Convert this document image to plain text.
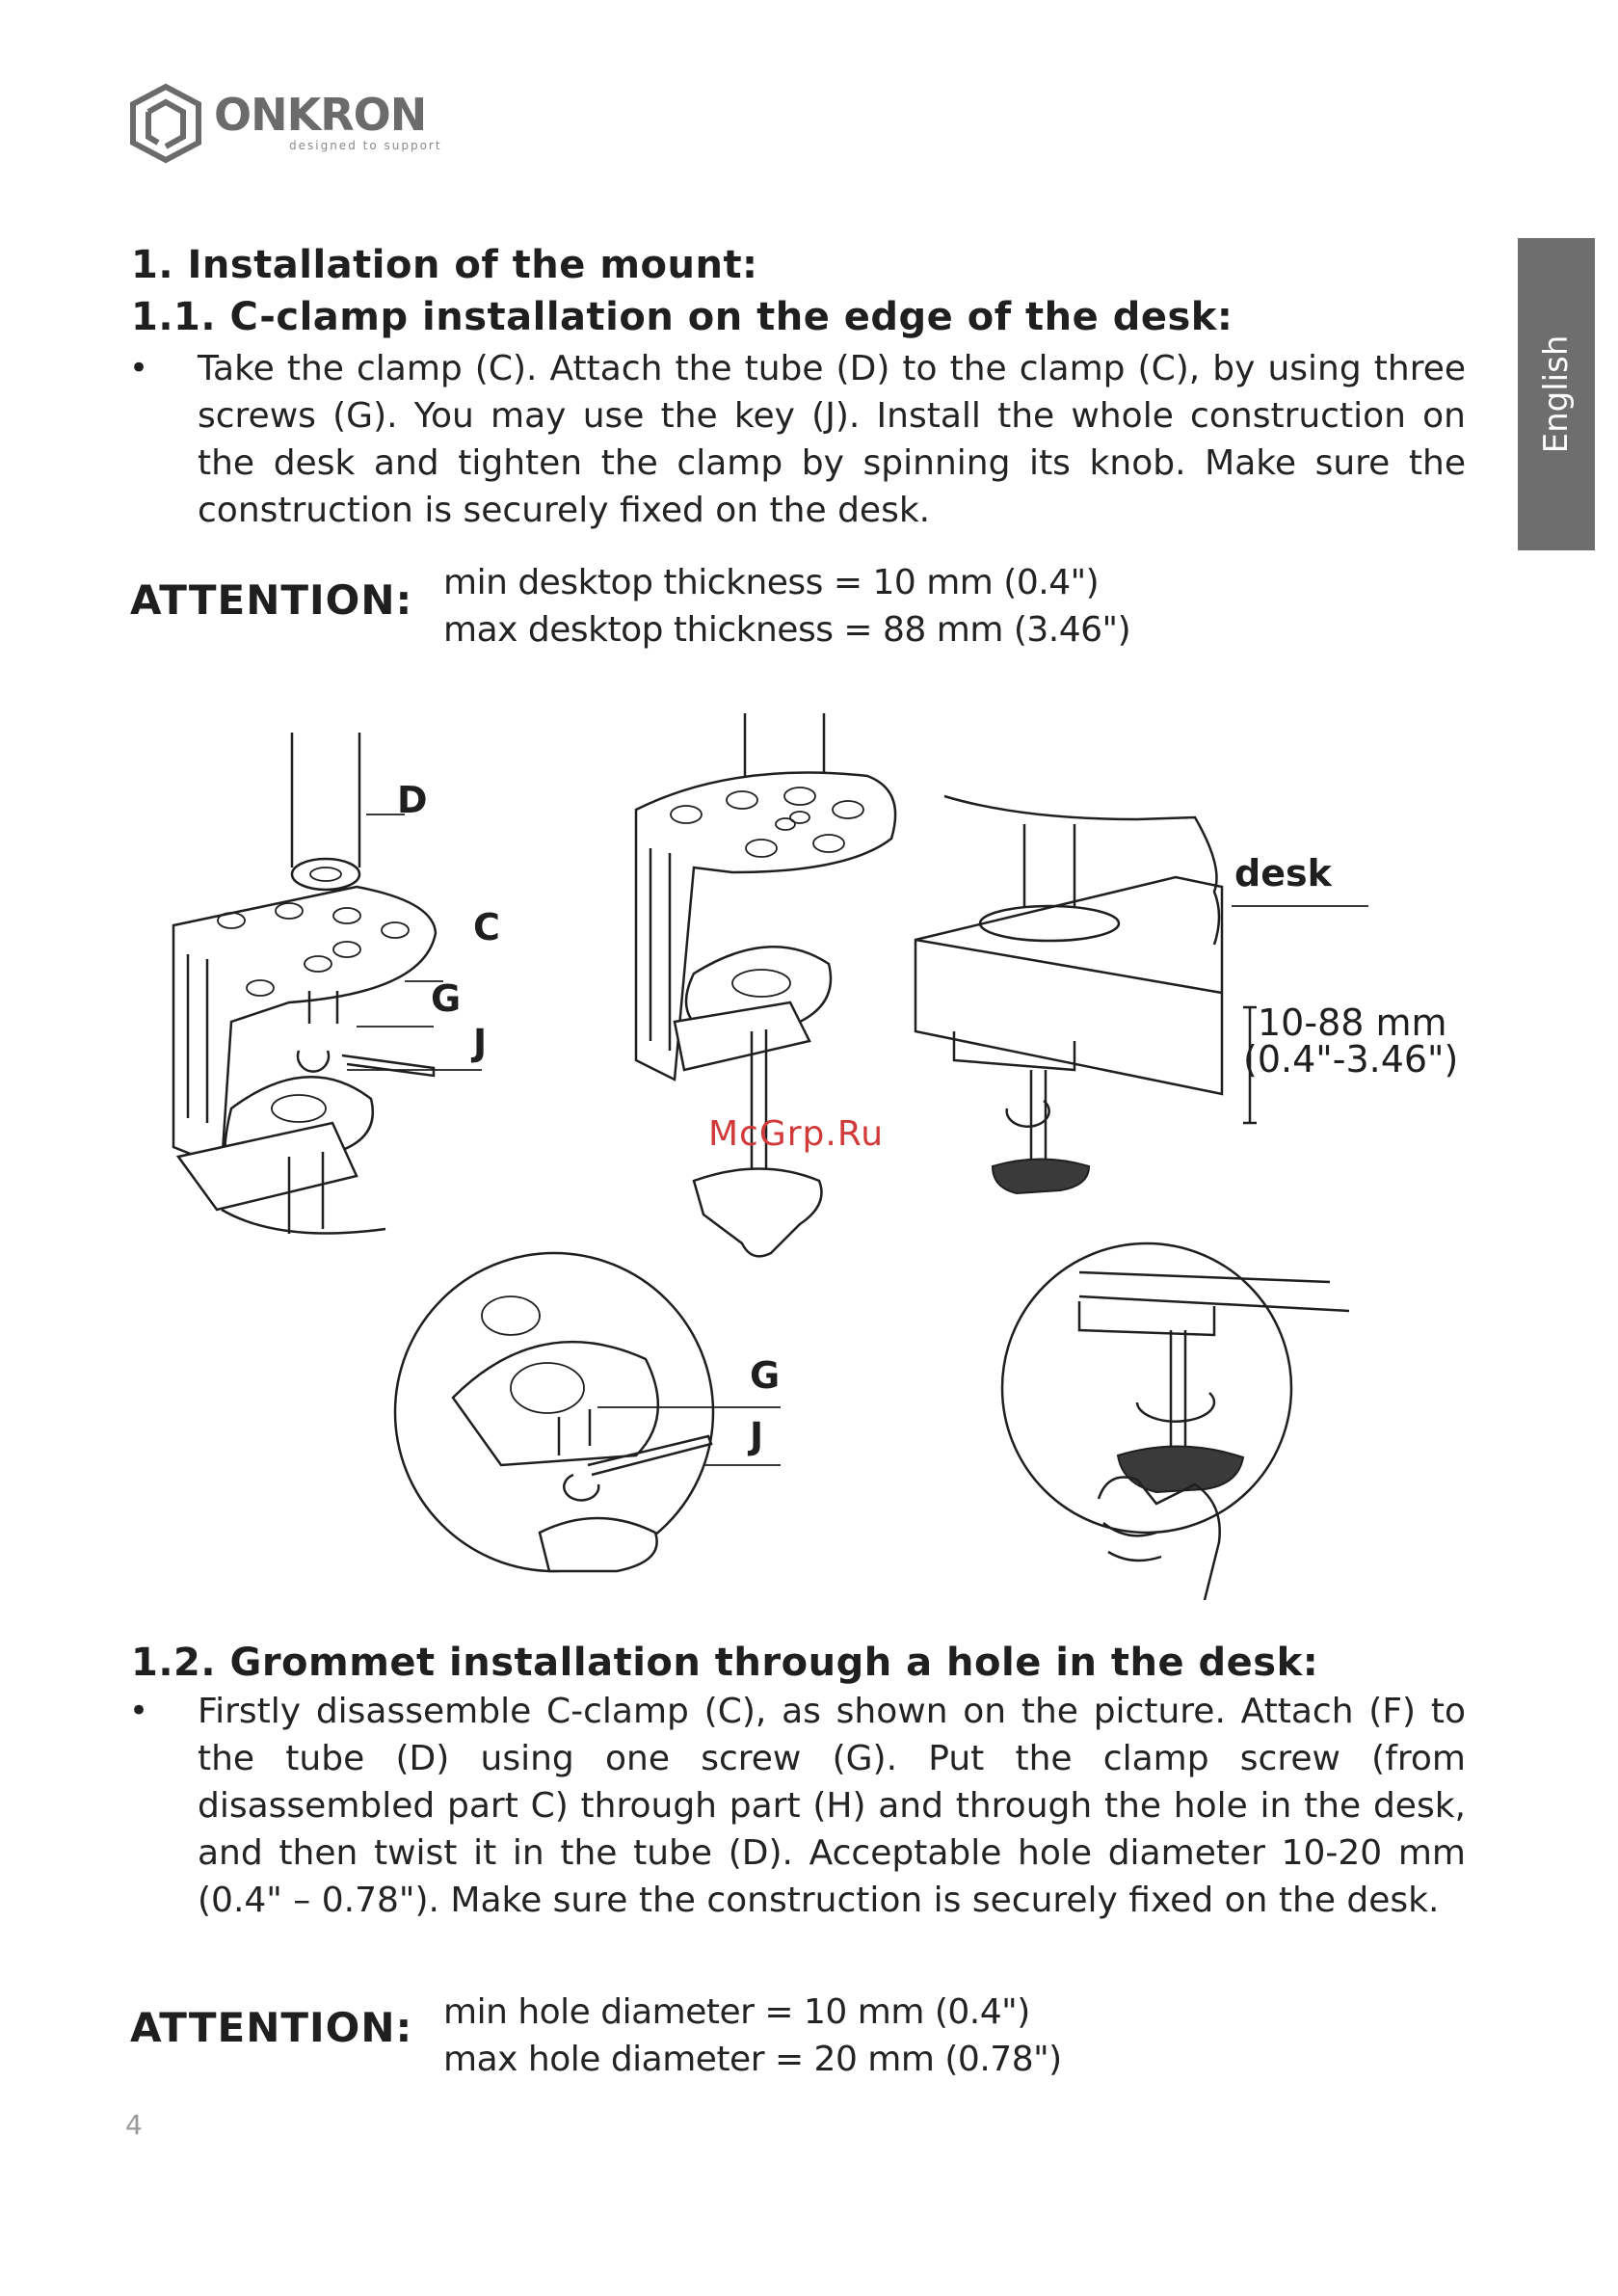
ONKRON
designed to support
English
1. Installation of the mount:
1.1. C-clamp installation on the edge of the desk:
• Take the clamp (C). Attach the tube (D) to the clamp (C), by using three screws (G). You may use the key (J). Install the whole construction on the desk and tighten the clamp by spinning its knob. Make sure the construction is securely fixed on the desk.
ATTENTION: min desktop thickness = 10 mm (0.4")
max desktop thickness = 88 mm (3.46")
D
C
G
J
desk
10-88 mm
(0.4"-3.46")
McGrp.Ru
G
J
1.2. Grommet installation through a hole in the desk:
• Firstly disassemble C-clamp (C), as shown on the picture. Attach (F) to the tube (D) using one screw (G). Put the clamp screw (from disassembled part C) through part (H) and through the hole in the desk, and then twist it in the tube (D). Acceptable hole diameter 10-20 mm (0.4" – 0.78"). Make sure the construction is securely fixed on the desk.
ATTENTION: min hole diameter = 10 mm (0.4")
max hole diameter = 20 mm (0.78")
4
